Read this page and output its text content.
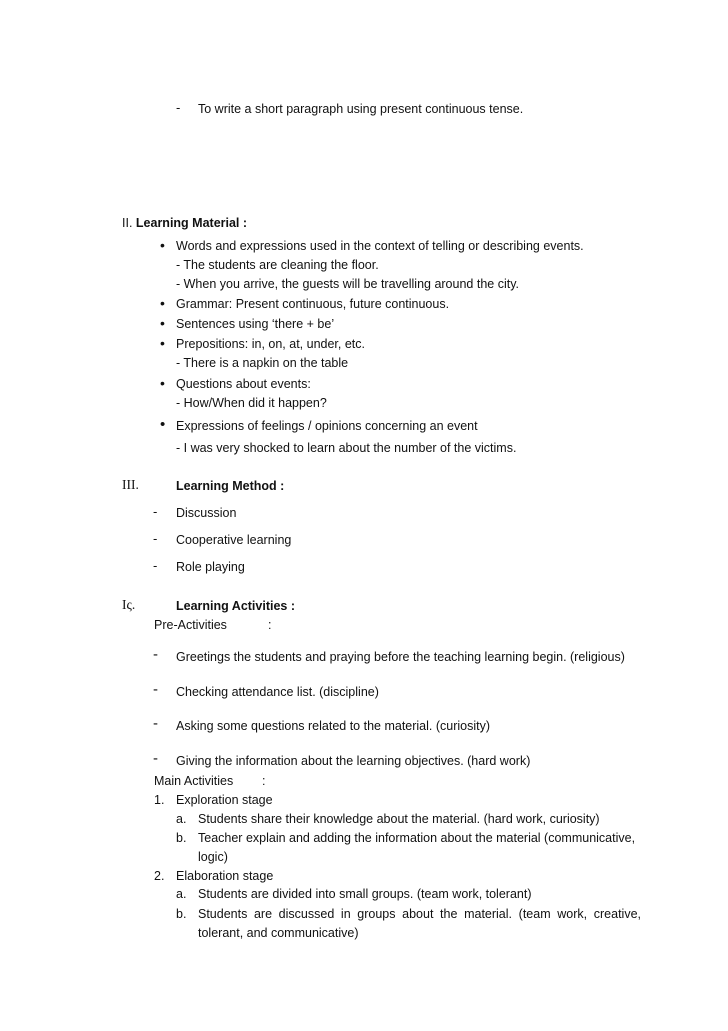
- To write a short paragraph using present continuous tense.
II. Learning Material :
• Words and expressions used in the context of telling or describing events.
- The students are cleaning the floor.
- When you arrive, the guests will be travelling around the city.
• Grammar: Present continuous, future continuous.
• Sentences using ‘there + be’
• Prepositions: in, on, at, under, etc.
- There is a napkin on the table
• Questions about events:
- How/When did it happen?
• Expressions of feelings / opinions concerning an event
- I was very shocked to learn about the number of the victims.
III.	Learning Method :
- Discussion
- Cooperative learning
- Role playing
Iς.	Learning Activities :
Pre-Activities	:
- Greetings the students and praying before the teaching learning begin. (religious)
- Checking attendance list. (discipline)
- Asking some questions related to the material. (curiosity)
- Giving the information about the learning objectives. (hard work)
Main Activities :
1. Exploration stage
a. Students share their knowledge about the material. (hard work, curiosity)
b. Teacher explain and adding the information about the material (communicative,
logic)
2. Elaboration stage
a. Students are divided into small groups. (team work, tolerant)
b. Students are discussed in groups about the material. (team work, creative,
tolerant, and communicative)
